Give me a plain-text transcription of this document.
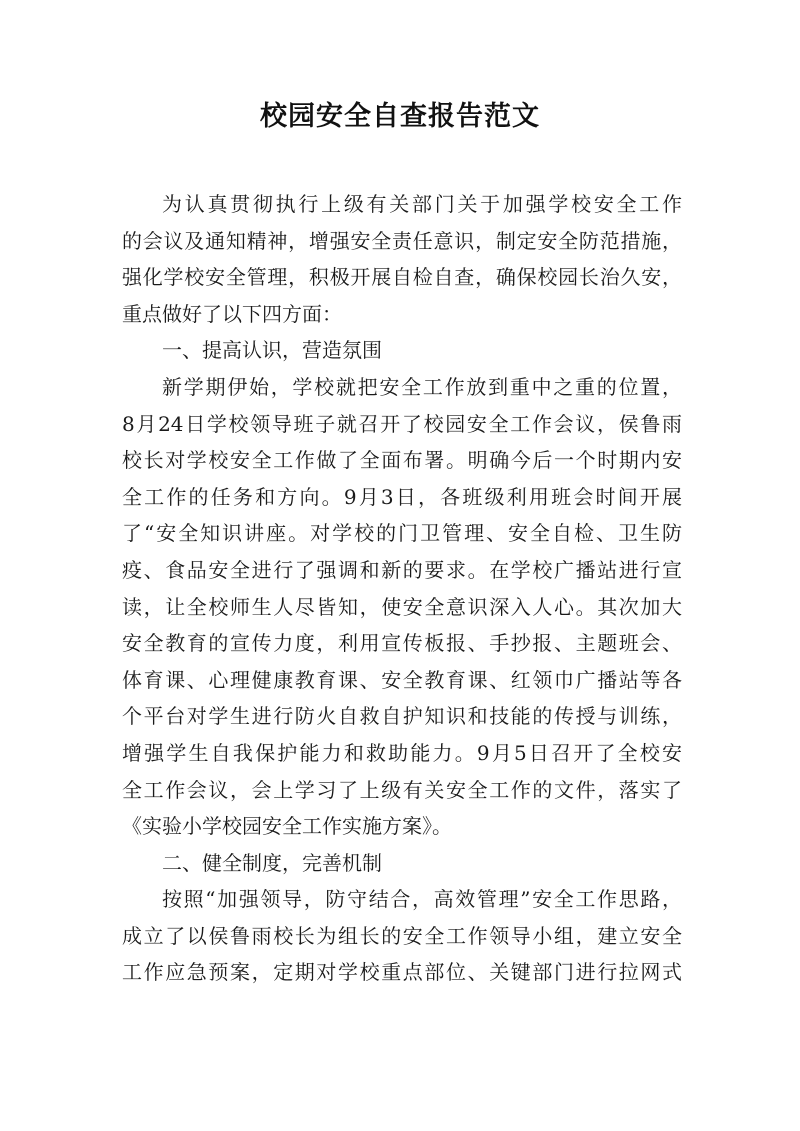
校园安全自查报告范文
为认真贯彻执行上级有关部门关于加强学校安全工作
的会议及通知精神，增强安全责任意识，制定安全防范措施，
强化学校安全管理，积极开展自检自查，确保校园长治久安，
重点做好了以下四方面：
一、提高认识，营造氛围
新学期伊始，学校就把安全工作放到重中之重的位置，
8月24日学校领导班子就召开了校园安全工作会议，侯鲁雨
校长对学校安全工作做了全面布署。明确今后一个时期内安
全工作的任务和方向。9月3日，各班级利用班会时间开展
了“安全知识讲座。对学校的门卫管理、安全自检、卫生防
疫、食品安全进行了强调和新的要求。在学校广播站进行宣
读，让全校师生人尽皆知，使安全意识深入人心。其次加大
安全教育的宣传力度，利用宣传板报、手抄报、主题班会、
体育课、心理健康教育课、安全教育课、红领巾广播站等各
个平台对学生进行防火自救自护知识和技能的传授与训练，
增强学生自我保护能力和救助能力。9月5日召开了全校安
全工作会议，会上学习了上级有关安全工作的文件，落实了
《实验小学校园安全工作实施方案》。
二、健全制度，完善机制
按照“加强领导，防守结合，高效管理”安全工作思路，
成立了以侯鲁雨校长为组长的安全工作领导小组，建立安全
工作应急预案，定期对学校重点部位、关键部门进行拉网式
